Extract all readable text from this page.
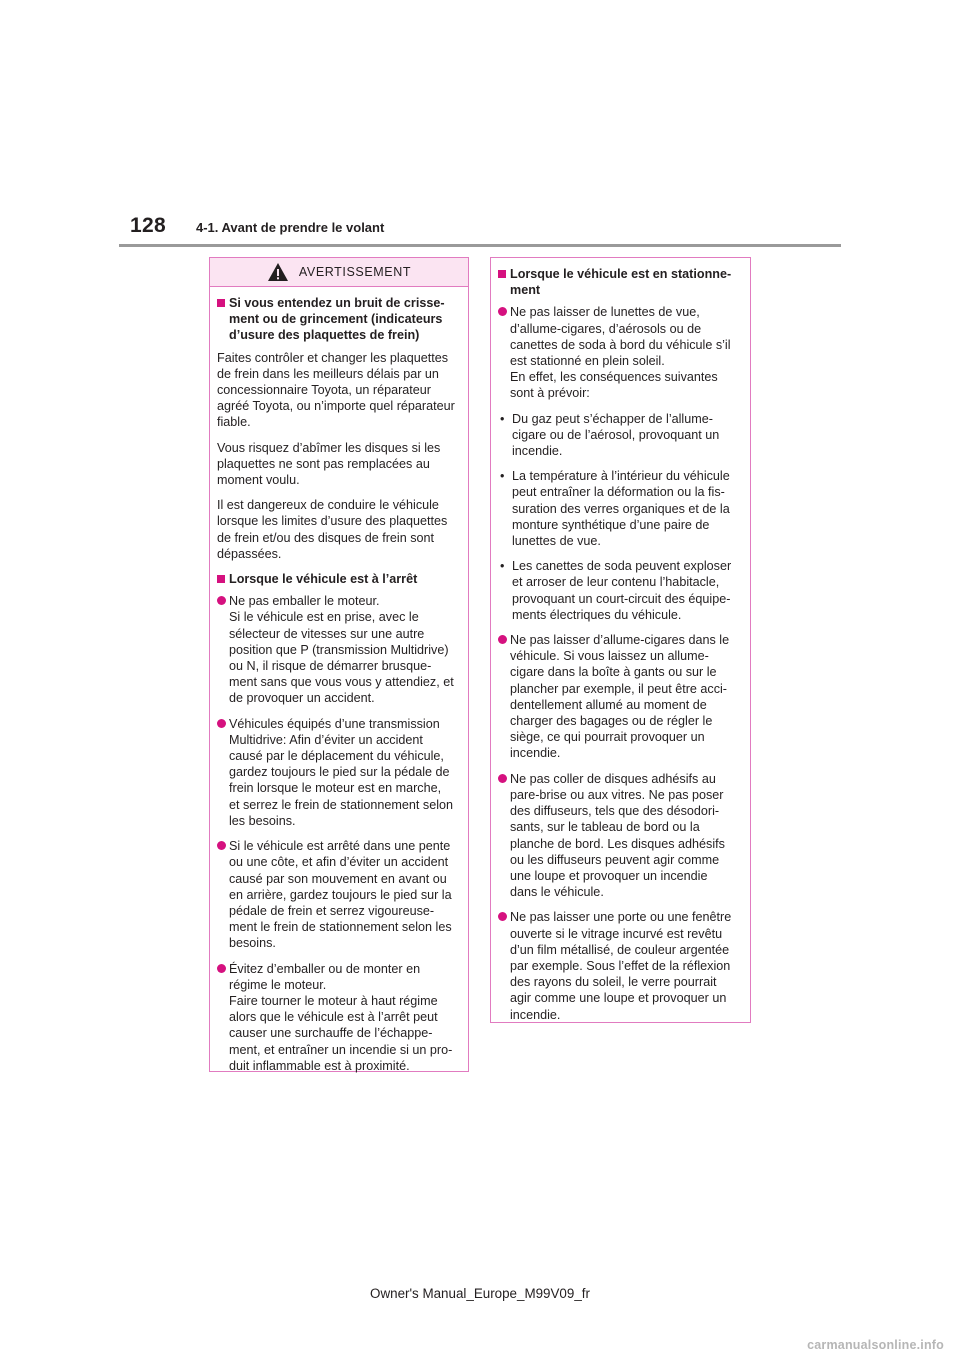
128 4-1. Avant de prendre le volant
AVERTISSEMENT
Si vous entendez un bruit de crisse-
ment ou de grincement (indicateurs
d’usure des plaquettes de frein)
Faites contrôler et changer les plaquettes
de frein dans les meilleurs délais par un
concessionnaire Toyota, un réparateur
agréé Toyota, ou n’importe quel réparateur
fiable.
Vous risquez d’abîmer les disques si les
plaquettes ne sont pas remplacées au
moment voulu.
Il est dangereux de conduire le véhicule
lorsque les limites d’usure des plaquettes
de frein et/ou des disques de frein sont
dépassées.
Lorsque le véhicule est à l’arrêt
Ne pas emballer le moteur.
Si le véhicule est en prise, avec le
sélecteur de vitesses sur une autre
position que P (transmission Multidrive)
ou N, il risque de démarrer brusque-
ment sans que vous vous y attendiez, et
de provoquer un accident.
Véhicules équipés d’une transmission
Multidrive: Afin d’éviter un accident
causé par le déplacement du véhicule,
gardez toujours le pied sur la pédale de
frein lorsque le moteur est en marche,
et serrez le frein de stationnement selon
les besoins.
Si le véhicule est arrêté dans une pente
ou une côte, et afin d’éviter un accident
causé par son mouvement en avant ou
en arrière, gardez toujours le pied sur la
pédale de frein et serrez vigoureuse-
ment le frein de stationnement selon les
besoins.
Évitez d’emballer ou de monter en
régime le moteur.
Faire tourner le moteur à haut régime
alors que le véhicule est à l’arrêt peut
causer une surchauffe de l’échappe-
ment, et entraîner un incendie si un pro-
duit inflammable est à proximité.
Lorsque le véhicule est en stationne-
ment
Ne pas laisser de lunettes de vue,
d’allume-cigares, d’aérosols ou de
canettes de soda à bord du véhicule s’il
est stationné en plein soleil.
En effet, les conséquences suivantes
sont à prévoir:
• Du gaz peut s’échapper de l’allume-
cigare ou de l’aérosol, provoquant un
incendie.
• La température à l’intérieur du véhicule
peut entraîner la déformation ou la fis-
suration des verres organiques et de la
monture synthétique d’une paire de
lunettes de vue.
• Les canettes de soda peuvent exploser
et arroser de leur contenu l’habitacle,
provoquant un court-circuit des équipe-
ments électriques du véhicule.
Ne pas laisser d’allume-cigares dans le
véhicule. Si vous laissez un allume-
cigare dans la boîte à gants ou sur le
plancher par exemple, il peut être acci-
dentellement allumé au moment de
charger des bagages ou de régler le
siège, ce qui pourrait provoquer un
incendie.
Ne pas coller de disques adhésifs au
pare-brise ou aux vitres. Ne pas poser
des diffuseurs, tels que des désodori-
sants, sur le tableau de bord ou la
planche de bord. Les disques adhésifs
ou les diffuseurs peuvent agir comme
une loupe et provoquer un incendie
dans le véhicule.
Ne pas laisser une porte ou une fenêtre
ouverte si le vitrage incurvé est revêtu
d’un film métallisé, de couleur argentée
par exemple. Sous l’effet de la réflexion
des rayons du soleil, le verre pourrait
agir comme une loupe et provoquer un
incendie.
Owner's Manual_Europe_M99V09_fr
carmanualsonline.info
